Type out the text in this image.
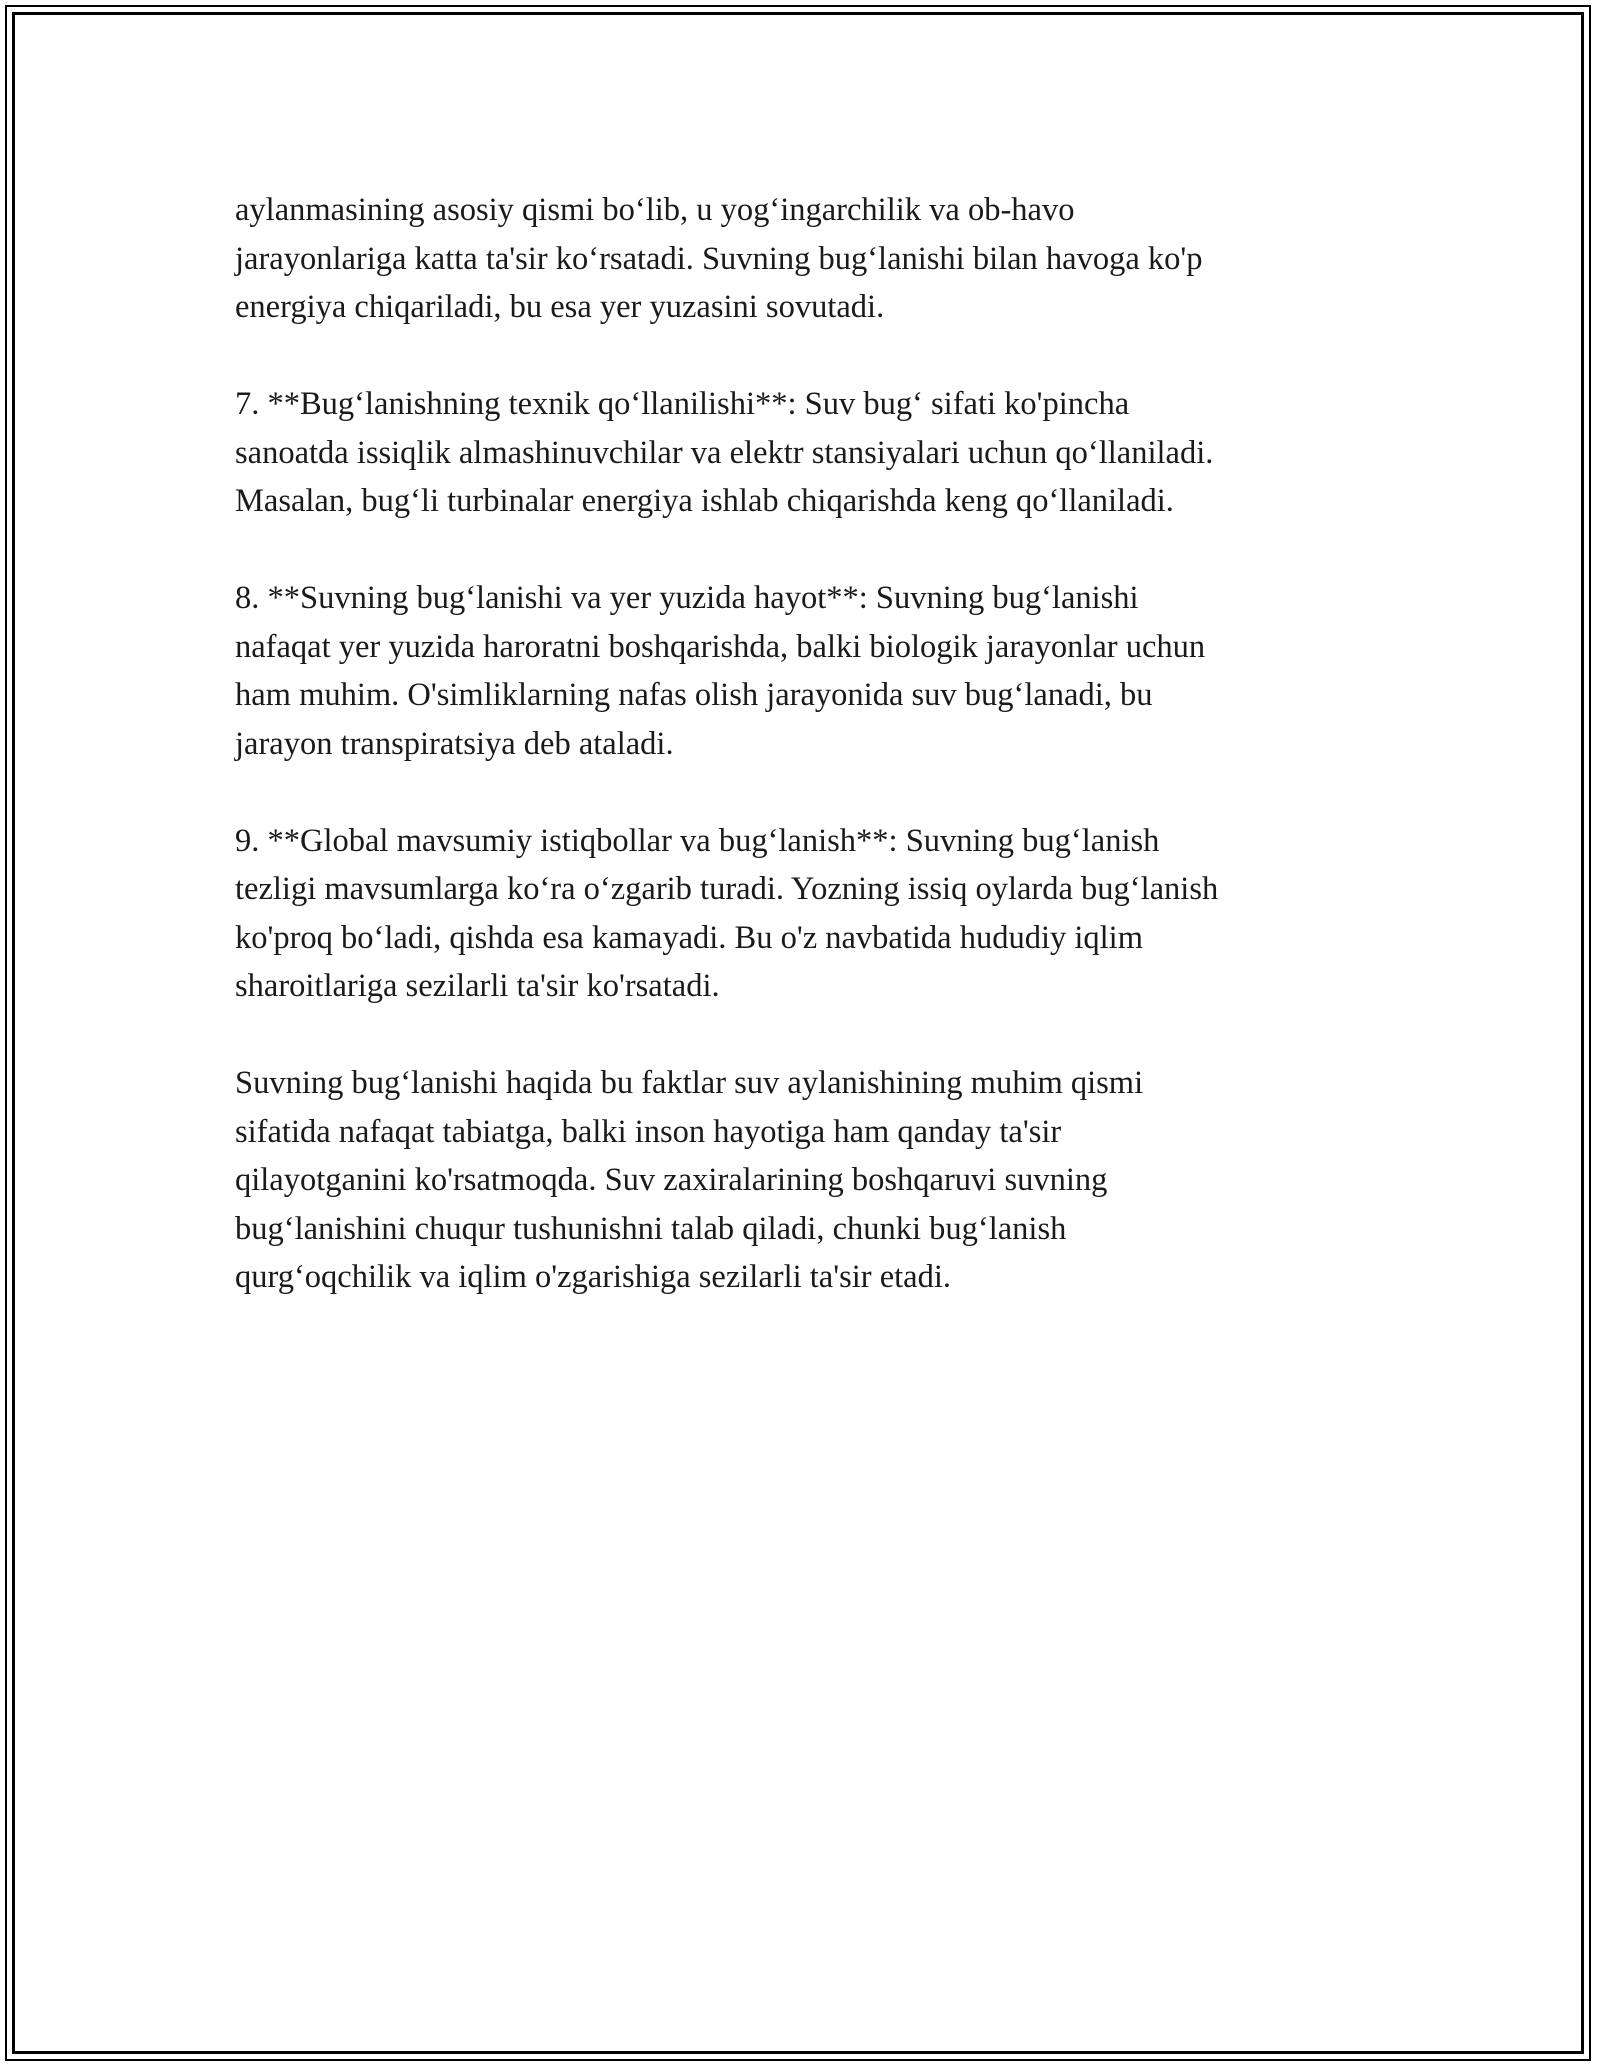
aylanmasining asosiy qismi bo‘lib, u yog‘ingarchilik va ob-havo
jarayonlariga katta ta'sir ko‘rsatadi. Suvning bug‘lanishi bilan havoga ko'p
energiya chiqariladi, bu esa yer yuzasini sovutadi.

7. **Bug‘lanishning texnik qo‘llanilishi**: Suv bug‘ sifati ko'pincha
sanoatda issiqlik almashinuvchilar va elektr stansiyalari uchun qo‘llaniladi.
Masalan, bug‘li turbinalar energiya ishlab chiqarishda keng qo‘llaniladi.

8. **Suvning bug‘lanishi va yer yuzida hayot**: Suvning bug‘lanishi
nafaqat yer yuzida haroratni boshqarishda, balki biologik jarayonlar uchun
ham muhim. O'simliklarning nafas olish jarayonida suv bug‘lanadi, bu
jarayon transpiratsiya deb ataladi.

9. **Global mavsumiy istiqbollar va bug‘lanish**: Suvning bug‘lanish
tezligi mavsumlarga ko‘ra o‘zgarib turadi. Yozning issiq oylarda bug‘lanish
ko'proq bo‘ladi, qishda esa kamayadi. Bu o'z navbatida hududiy iqlim
sharoitlariga sezilarli ta'sir ko'rsatadi.

Suvning bug‘lanishi haqida bu faktlar suv aylanishining muhim qismi
sifatida nafaqat tabiatga, balki inson hayotiga ham qanday ta'sir
qilayotganini ko'rsatmoqda. Suv zaxiralarining boshqaruvi suvning
bug‘lanishini chuqur tushunishni talab qiladi, chunki bug‘lanish
qurg‘oqchilik va iqlim o'zgarishiga sezilarli ta'sir etadi.
